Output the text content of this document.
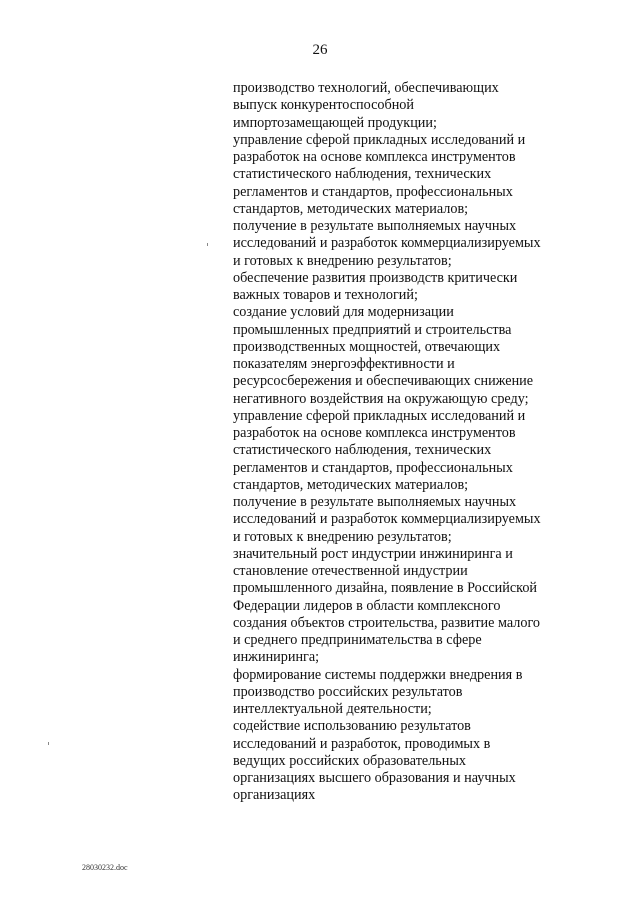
26
производство технологий, обеспечивающих
выпуск конкурентоспособной
импортозамещающей продукции;
управление сферой прикладных исследований и
разработок на основе комплекса инструментов
статистического наблюдения, технических
регламентов и стандартов, профессиональных
стандартов, методических материалов;
получение в результате выполняемых научных
исследований и разработок коммерциализируемых
и готовых к внедрению результатов;
обеспечение развития производств критически
важных товаров и технологий;
создание условий для модернизации
промышленных предприятий и строительства
производственных мощностей, отвечающих
показателям энергоэффективности и
ресурсосбережения и обеспечивающих снижение
негативного воздействия на окружающую среду;
управление сферой прикладных исследований и
разработок на основе комплекса инструментов
статистического наблюдения, технических
регламентов и стандартов, профессиональных
стандартов, методических материалов;
получение в результате выполняемых научных
исследований и разработок коммерциализируемых
и готовых к внедрению результатов;
значительный рост индустрии инжиниринга и
становление отечественной индустрии
промышленного дизайна, появление в Российской
Федерации лидеров в области комплексного
создания объектов строительства, развитие малого
и среднего предпринимательства в сфере
инжиниринга;
формирование системы поддержки внедрения в
производство российских результатов
интеллектуальной деятельности;
содействие использованию результатов
исследований и разработок, проводимых в
ведущих российских образовательных
организациях высшего образования и научных
организациях
28030232.doc
